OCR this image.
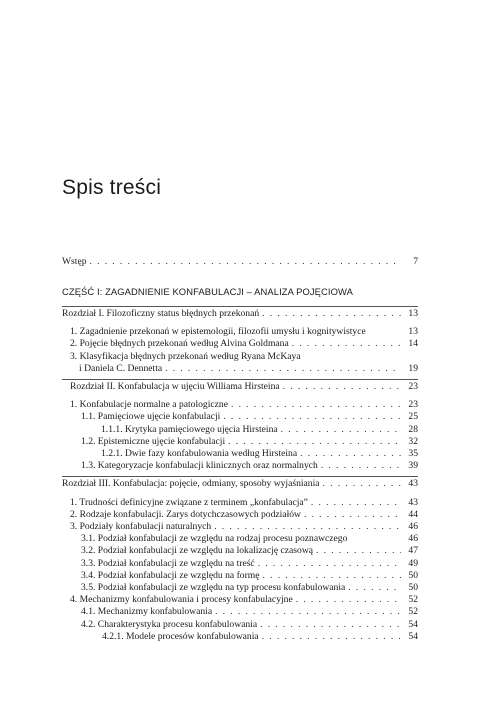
Spis treści
Wstęp . . .	7
CZĘŚĆ I: ZAGADNIENIE KONFABULACJI – ANALIZA POJĘCIOWA
Rozdział I. Filozoficzny status błędnych przekonań . . .	13
1. Zagadnienie przekonań w epistemologii, filozofii umysłu i kognitywistyce	13
2. Pojęcie błędnych przekonań według Alvina Goldmana . . .	14
3. Klasyfikacja błędnych przekonań według Ryana McKaya
i Daniela C. Dennetta . . .	19
Rozdział II. Konfabulacja w ujęciu Williama Hirsteina . . .	23
1. Konfabulacje normalne a patologiczne . . .	23
1.1. Pamięciowe ujęcie konfabulacji . . .	25
1.1.1. Krytyka pamięciowego ujęcia Hirsteina . . .	28
1.2. Epistemiczne ujęcie konfabulacji . . .	32
1.2.1. Dwie fazy konfabulowania według Hirsteina . . .	35
1.3. Kategoryzacje konfabulacji klinicznych oraz normalnych . . .	39
Rozdział III. Konfabulacja: pojęcie, odmiany, sposoby wyjaśniania . . .	43
1. Trudności definicyjne związane z terminem „konfabulacja” . . .	43
2. Rodzaje konfabulacji. Zarys dotychczasowych podziałów . . .	44
3. Podziały konfabulacji naturalnych . . .	46
3.1. Podział konfabulacji ze względu na rodzaj procesu poznawczego	46
3.2. Podział konfabulacji ze względu na lokalizację czasową . . .	47
3.3. Podział konfabulacji ze względu na treść . . .	49
3.4. Podział konfabulacji ze względu na formę . . .	50
3.5. Podział konfabulacji ze względu na typ procesu konfabulowania . . .	50
4. Mechanizmy konfabulowania i procesy konfabulacyjne . . .	52
4.1. Mechanizmy konfabulowania . . .	52
4.2. Charakterystyka procesu konfabulowania . . .	54
4.2.1. Modele procesów konfabulowania . . .	54
